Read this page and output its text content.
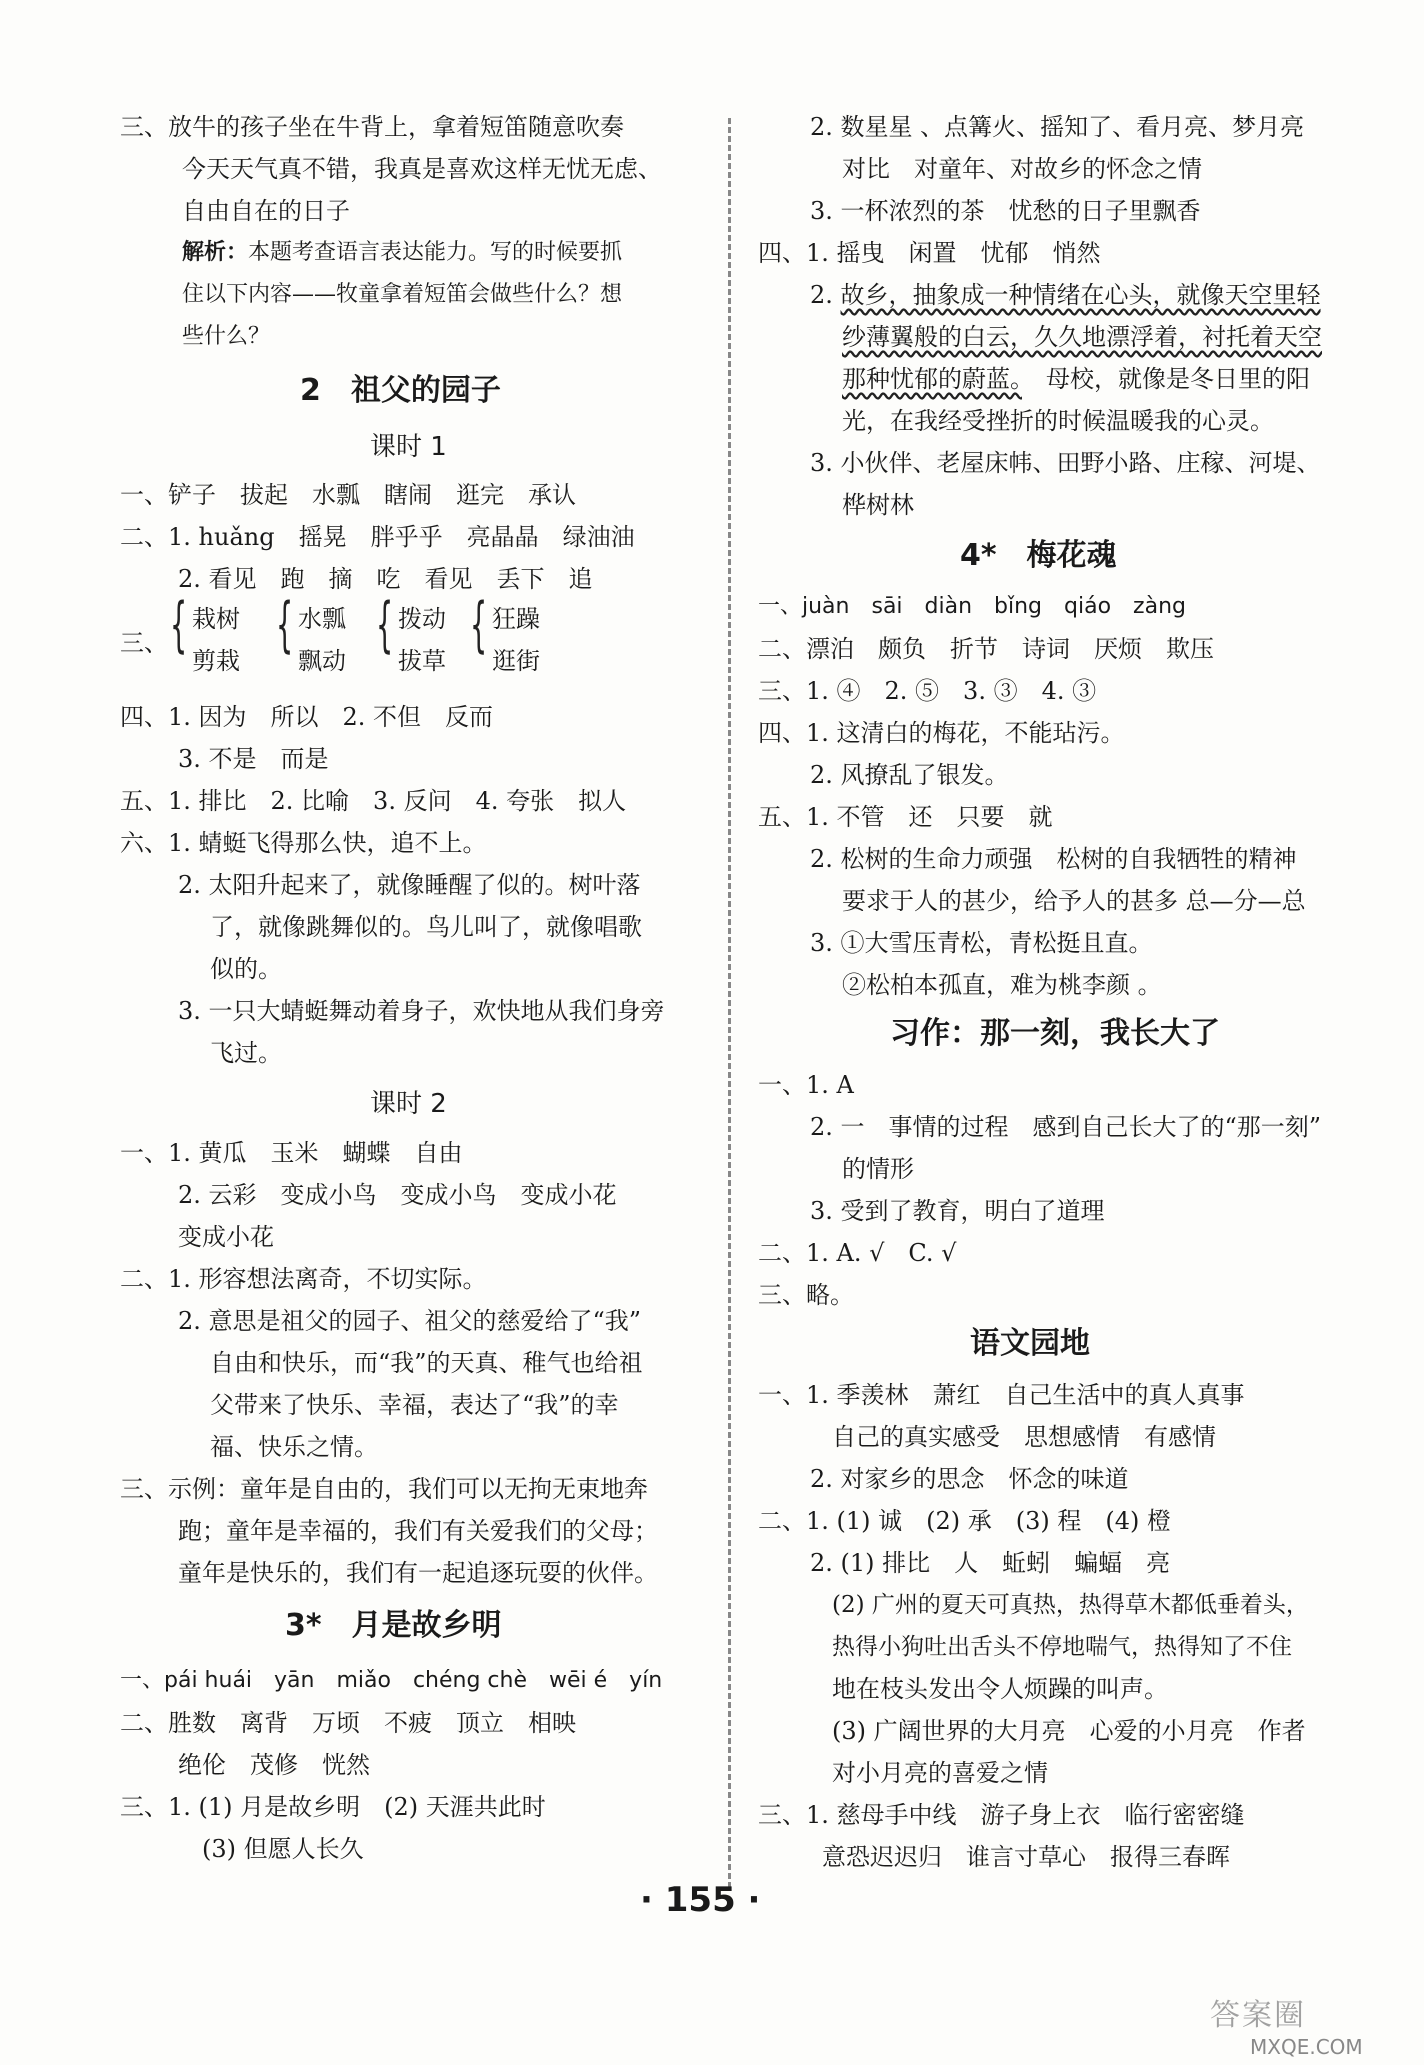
三、放牛的孩子坐在牛背上，拿着短笛随意吹奏
今天天气真不错，我真是喜欢这样无忧无虑、
自由自在的日子
解析：本题考查语言表达能力。写的时候要抓
住以下内容——牧童拿着短笛会做些什么？想
些什么？
2　祖父的园子
课时 1
一、铲子　拔起　水瓢　瞎闹　逛完　承认
二、1. huǎng　摇晃　胖乎乎　亮晶晶　绿油油
2. 看见　跑　摘　吃　看见　丢下　追
三、 { 栽树
剪栽
{ 水瓢
飘动
{ 拨动
拔草
{ 狂躁
逛街
四、1. 因为　所以　2. 不但　反而
3. 不是　而是
五、1. 排比　2. 比喻　3. 反问　4. 夸张　拟人
六、1. 蜻蜓飞得那么快，追不上。
2. 太阳升起来了，就像睡醒了似的。树叶落
了，就像跳舞似的。鸟儿叫了，就像唱歌
似的。
3. 一只大蜻蜓舞动着身子，欢快地从我们身旁
飞过。
课时 2
一、1. 黄瓜　玉米　蝴蝶　自由
2. 云彩　变成小鸟　变成小鸟　变成小花
变成小花
二、1. 形容想法离奇，不切实际。
2. 意思是祖父的园子、祖父的慈爱给了“我”
自由和快乐，而“我”的天真、稚气也给祖
父带来了快乐、幸福，表达了“我”的幸
福、快乐之情。
三、示例：童年是自由的，我们可以无拘无束地奔
跑；童年是幸福的，我们有关爱我们的父母；
童年是快乐的，我们有一起追逐玩耍的伙伴。
3*　月是故乡明
一、pái huái　yān　miǎo　chéng chè　wēi é　yín
二、胜数　离背　万顷　不疲　顶立　相映
绝伦　茂修　恍然
三、1. (1) 月是故乡明　(2) 天涯共此时
(3) 但愿人长久
2. 数星星 、点篝火、摇知了、看月亮、梦月亮
对比　对童年、对故乡的怀念之情
3. 一杯浓烈的茶　忧愁的日子里飘香
四、1. 摇曳　闲置　忧郁　悄然
2. 故乡，抽象成一种情绪在心头，就像天空里轻
纱薄翼般的白云，久久地漂浮着，衬托着天空
那种忧郁的蔚蓝。　母校，就像是冬日里的阳
光，在我经受挫折的时候温暖我的心灵。
3. 小伙伴、老屋床帏、田野小路、庄稼、河堤、
桦树林
4*　梅花魂
一、juàn　sāi　diàn　bǐng　qiáo　zàng
二、漂泊　颇负　折节　诗词　厌烦　欺压
三、1. ④　2. ⑤　3. ③　4. ③
四、1. 这清白的梅花，不能玷污。
2. 风撩乱了银发。
五、1. 不管　还　只要　就
2. 松树的生命力顽强　松树的自我牺牲的精神
要求于人的甚少，给予人的甚多 总—分—总
3. ①大雪压青松，青松挺且直。
②松柏本孤直，难为桃李颜 。
习作：那一刻，我长大了
一、1. A
2. 一　事情的过程　感到自己长大了的“那一刻”
的情形
3. 受到了教育，明白了道理
二、1. A. √　C. √
三、略。
语文园地
一、1. 季羡林　萧红　自己生活中的真人真事
自己的真实感受　思想感情　有感情
2. 对家乡的思念　怀念的味道
二、1. (1) 诚　(2) 承　(3) 程　(4) 橙
2. (1) 排比　人　蚯蚓　蝙蝠　亮
(2) 广州的夏天可真热，热得草木都低垂着头，
热得小狗吐出舌头不停地喘气，热得知了不住
地在枝头发出令人烦躁的叫声。
(3) 广阔世界的大月亮　心爱的小月亮　作者
对小月亮的喜爱之情
三、1. 慈母手中线　游子身上衣　临行密密缝
意恐迟迟归　谁言寸草心　报得三春晖
· 155 ·
答案圈
MXQE.COM
